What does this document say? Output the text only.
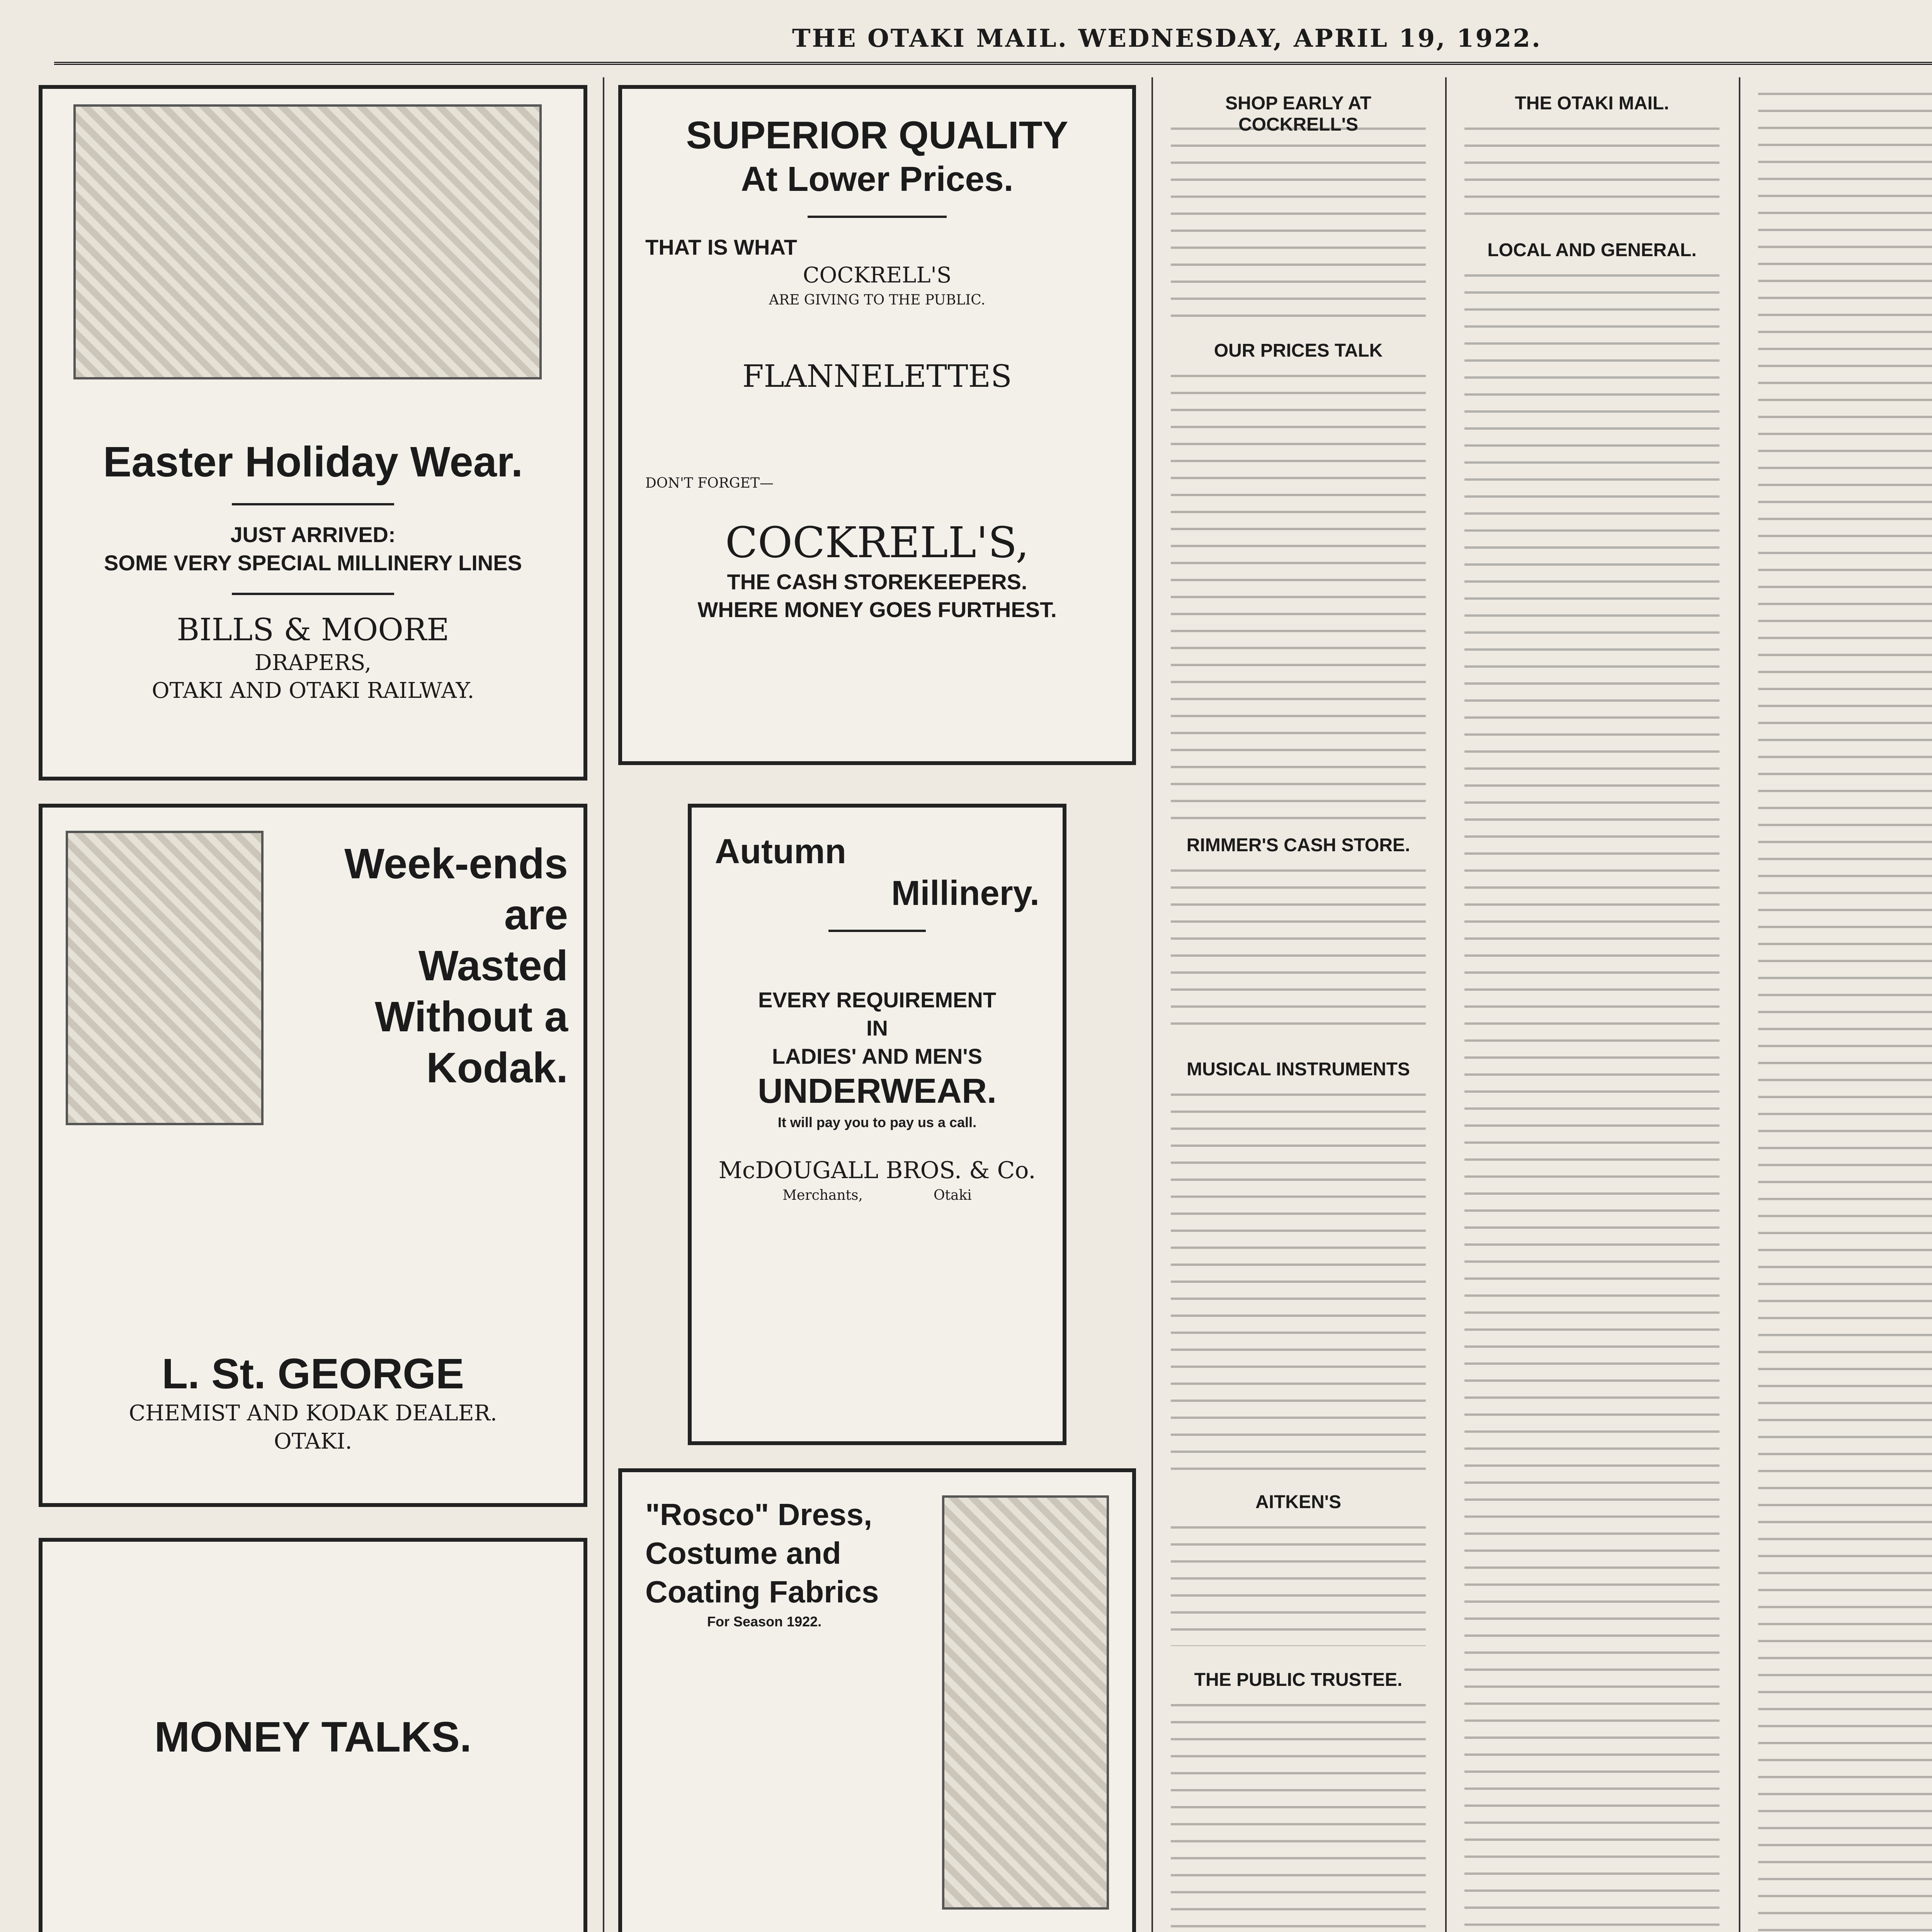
THE OTAKI MAIL. WEDNESDAY, APRIL 19, 1922.
Easter Holiday Wear.
JUST ARRIVED:
SOME VERY SPECIAL MILLINERY LINES
BILLS & MOORE
DRAPERS,
OTAKI AND OTAKI RAILWAY.
Week-ends are
Wasted
Without a
Kodak.
L. St. GEORGE
CHEMIST AND KODAK DEALER.
OTAKI.
MONEY TALKS.
SUPERIOR QUALITY
At Lower Prices.
THAT IS WHAT
COCKRELL'S
ARE GIVING TO THE PUBLIC.
FLANNELETTES
DON'T FORGET—
COCKRELL'S,
THE CASH STOREKEEPERS.
WHERE MONEY GOES FURTHEST.
Autumn
Millinery.
EVERY REQUIREMENT
IN
LADIES' AND MEN'S
UNDERWEAR.
It will pay you to pay us a call.
McDOUGALL BROS. & Co.
Merchants,                Otaki
"Rosco" Dress,
Costume and
Coating Fabrics
For Season 1922.
SHOP EARLY AT COCKRELL'S
OUR PRICES TALK
RIMMER'S CASH STORE.
MUSICAL INSTRUMENTS
AITKEN'S
THE PUBLIC TRUSTEE.
THE OTAKI MAIL.
LOCAL AND GENERAL.
